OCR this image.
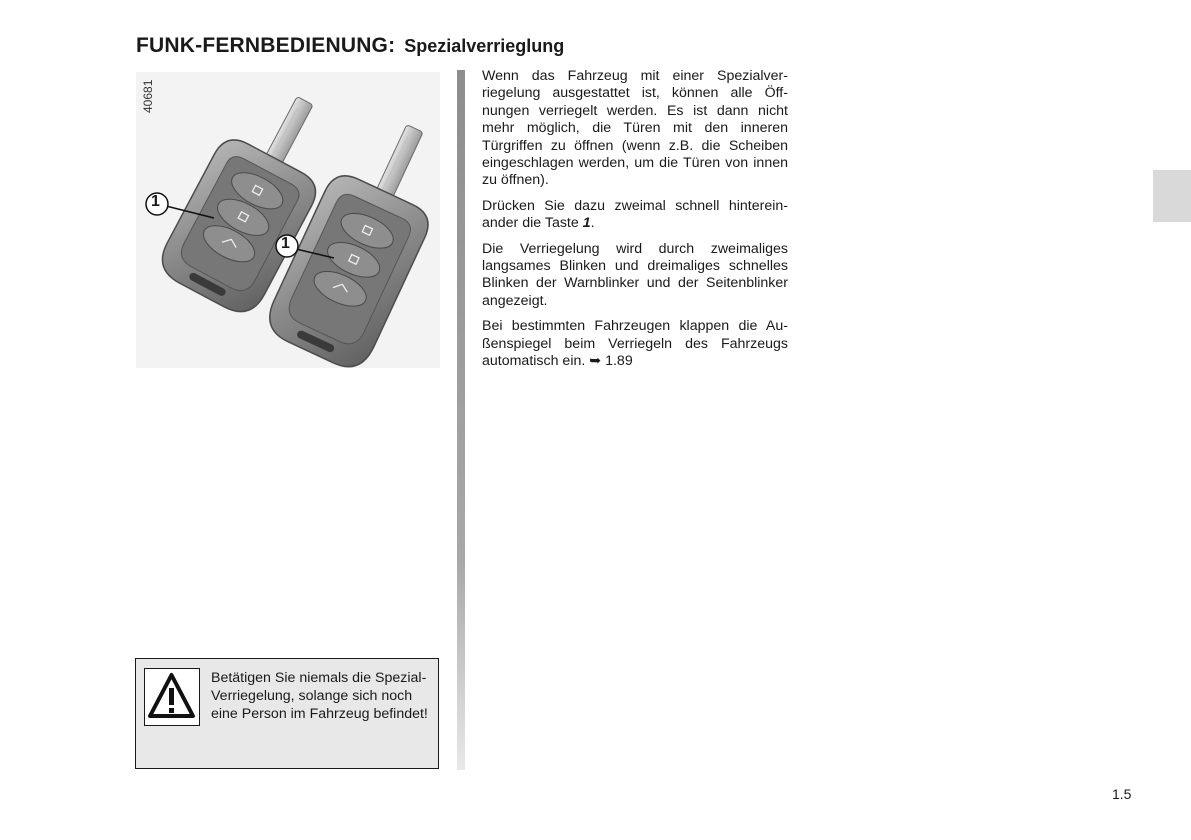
FUNK-FERNBEDIENUNG: Spezialverrieglung
1
1
40681

Wenn das Fahrzeug mit einer Spezialverriegelung ausgestattet ist, können alle Öffnungen verriegelt werden. Es ist dann nicht mehr möglich, die Türen mit den inneren Türgriffen zu öffnen (wenn z.B. die Scheiben eingeschlagen werden, um die Türen von innen zu öffnen).

Drücken Sie dazu zweimal schnell hintereinander die Taste 1.

Die Verriegelung wird durch zweimaliges langsames Blinken und dreimaliges schnelles Blinken der Warnblinker und der Seitenblinker angezeigt.

Bei bestimmten Fahrzeugen klappen die Außenspiegel beim Verriegeln des Fahrzeugs automatisch ein. ➥ 1.89

Betätigen Sie niemals die Spezial-Verriegelung, solange sich noch eine Person im Fahrzeug befindet!
1.5
